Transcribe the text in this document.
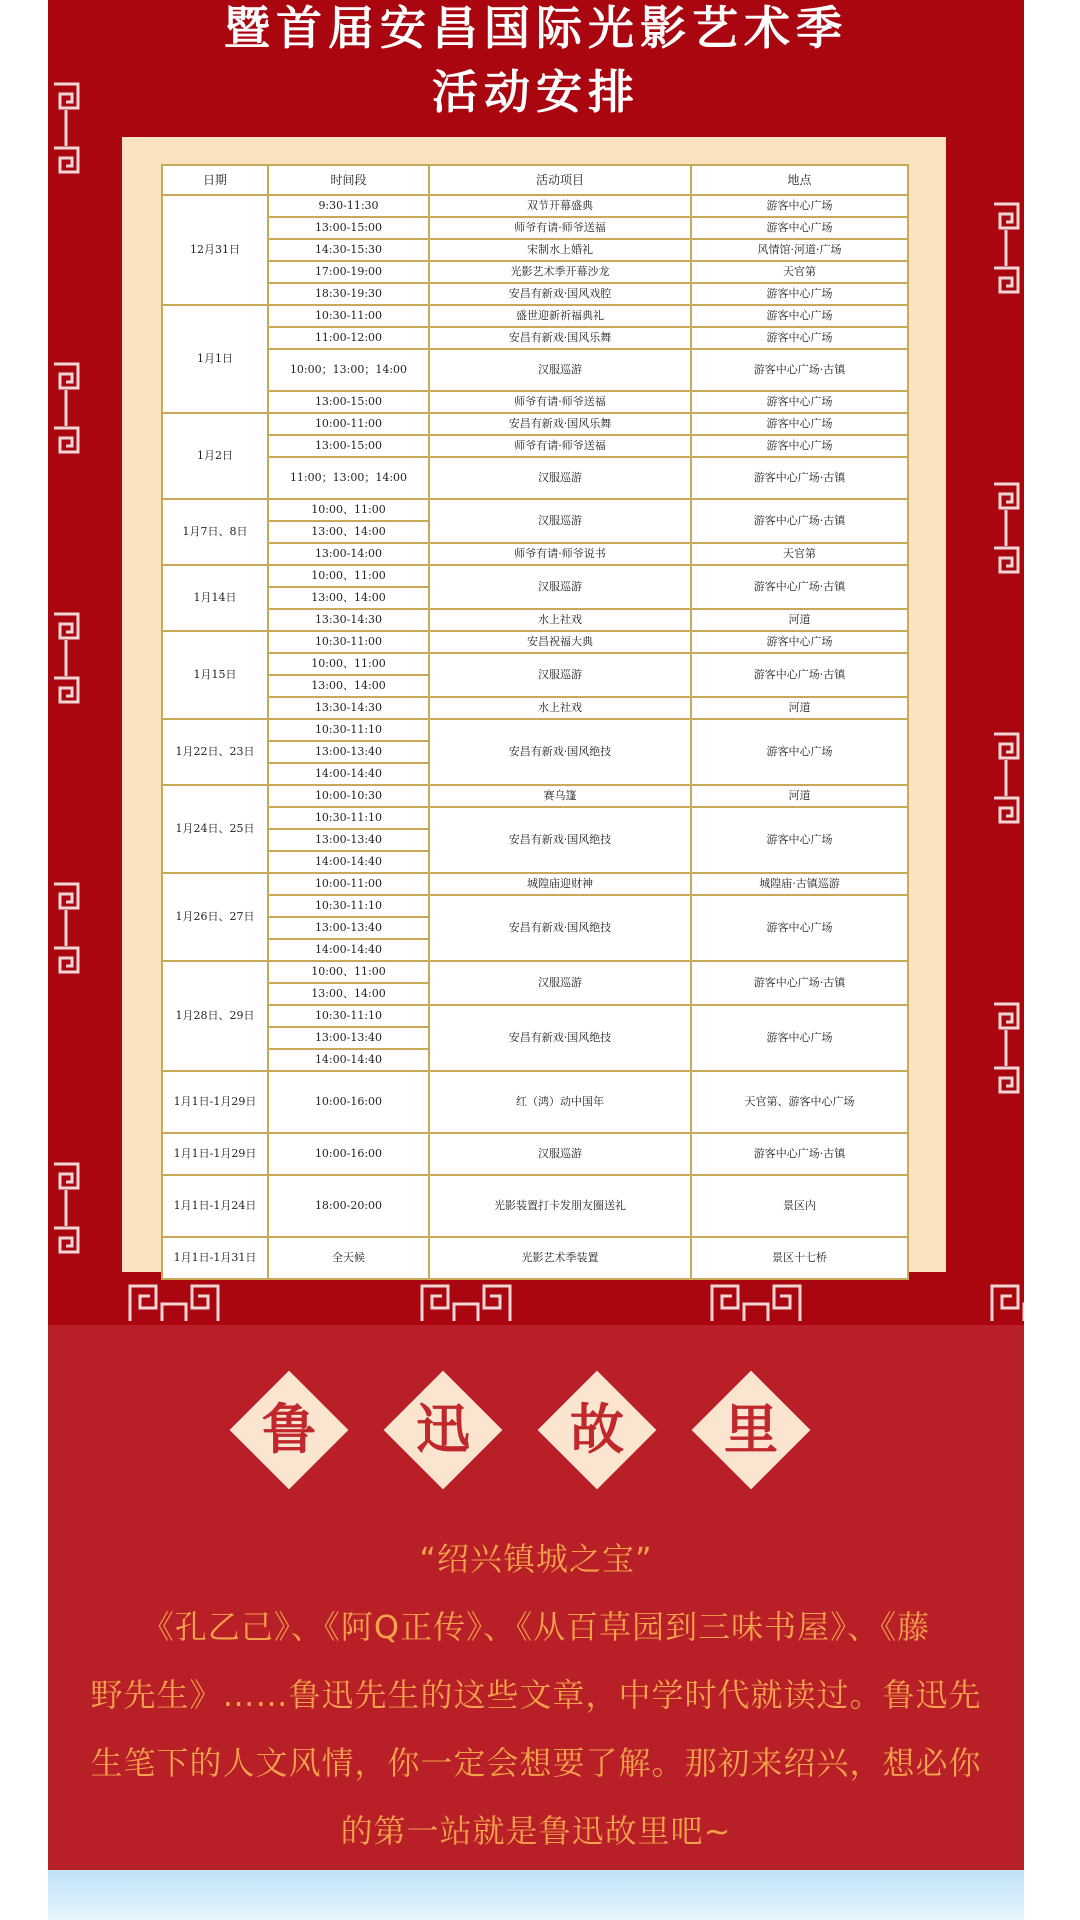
暨首届安昌国际光影艺术季
活动安排
日期	时间段	活动项目	地点
12月31日	9:30-11:30	双节开幕盛典	游客中心广场
	13:00-15:00	师爷有请·师爷送福	游客中心广场
	14:30-15:30	宋制水上婚礼	风情馆·河道·广场
	17:00-19:00	光影艺术季开幕沙龙	天官第
	18:30-19:30	安昌有新戏·国风戏腔	游客中心广场
1月1日	10:30-11:00	盛世迎新祈福典礼	游客中心广场
	11:00-12:00	安昌有新戏·国风乐舞	游客中心广场
	10:00；13:00；14:00	汉服巡游	游客中心广场·古镇
	13:00-15:00	师爷有请·师爷送福	游客中心广场
1月2日	10:00-11:00	安昌有新戏·国风乐舞	游客中心广场
	13:00-15:00	师爷有请·师爷送福	游客中心广场
	11:00；13:00；14:00	汉服巡游	游客中心广场·古镇
1月7日、8日	10:00、11:00	汉服巡游	游客中心广场·古镇
	13:00、14:00		
	13:00-14:00	师爷有请·师爷说书	天官第
1月14日	10:00、11:00	汉服巡游	游客中心广场·古镇
	13:00、14:00		
	13:30-14:30	水上社戏	河道
1月15日	10:30-11:00	安昌祝福大典	游客中心广场
	10:00、11:00	汉服巡游	游客中心广场·古镇
	13:00、14:00		
	13:30-14:30	水上社戏	河道
1月22日、23日	10:30-11:10	安昌有新戏·国风绝技	游客中心广场
	13:00-13:40		
	14:00-14:40		
1月24日、25日	10:00-10:30	赛乌篷	河道
	10:30-11:10	安昌有新戏·国风绝技	游客中心广场
	13:00-13:40		
	14:00-14:40		
1月26日、27日	10:00-11:00	城隍庙迎财神	城隍庙·古镇巡游
	10:30-11:10	安昌有新戏·国风绝技	游客中心广场
	13:00-13:40		
	14:00-14:40		
1月28日、29日	10:00、11:00	汉服巡游	游客中心广场·古镇
	13:00、14:00		
	10:30-11:10	安昌有新戏·国风绝技	游客中心广场
	13:00-13:40		
	14:00-14:40		
1月1日-1月29日	10:00-16:00	红（鸿）动中国年	天官第、游客中心广场
1月1日-1月29日	10:00-16:00	汉服巡游	游客中心广场·古镇
1月1日-1月24日	18:00-20:00	光影装置打卡发朋友圈送礼	景区内
1月1日-1月31日	全天候	光影艺术季装置	景区十七桥
鲁	迅	故	里
“绍兴镇城之宝”
《孔乙己》、《阿Q正传》、《从百草园到三味书屋》、《藤
野先生》……鲁迅先生的这些文章，中学时代就读过。鲁迅先
生笔下的人文风情，你一定会想要了解。那初来绍兴，想必你
的第一站就是鲁迅故里吧~
